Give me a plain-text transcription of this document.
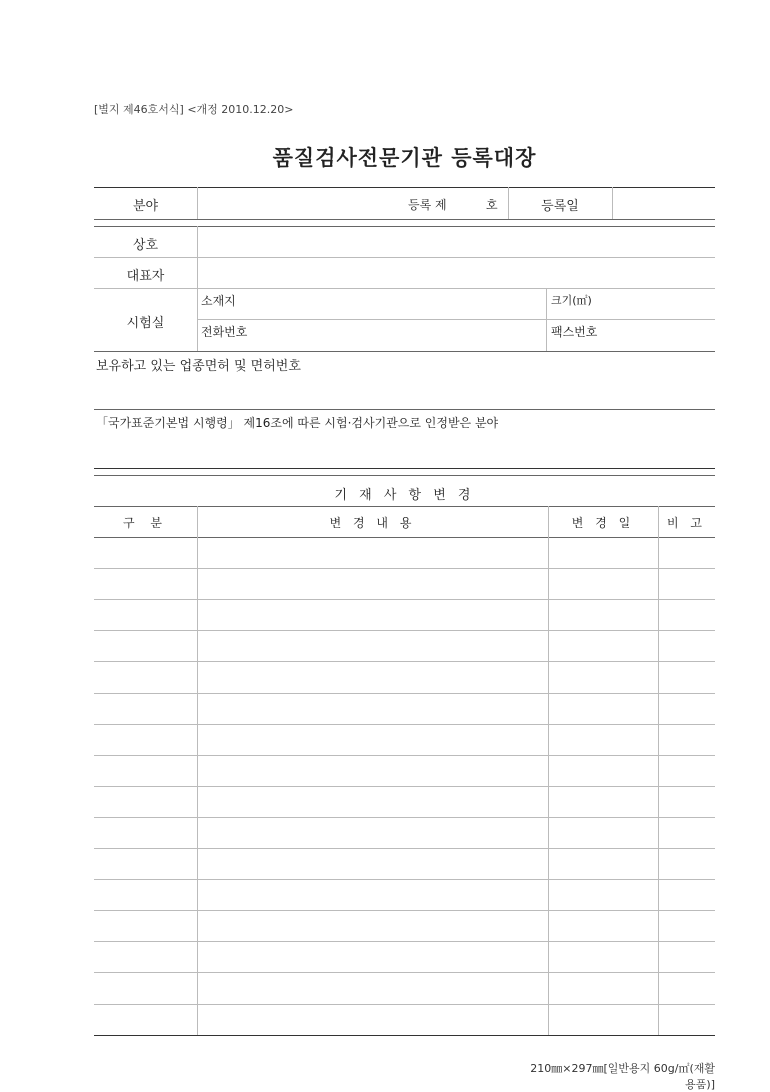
[별지 제46호서식] <개정 2010.12.20>
품질검사전문기관 등록대장
분야	등록 제	호	등록일
상호
대표자
시험실
소재지	크기(㎡)
전화번호	팩스번호
보유하고 있는 업종면허 및 면허번호
「국가표준기본법 시행령」 제16조에 따른 시험·검사기관으로 인정받은 분야
기 재 사 항 변 경
구 분	변 경 내 용	변 경 일	비 고
210㎜×297㎜[일반용지 60g/㎡(재활용품)]
